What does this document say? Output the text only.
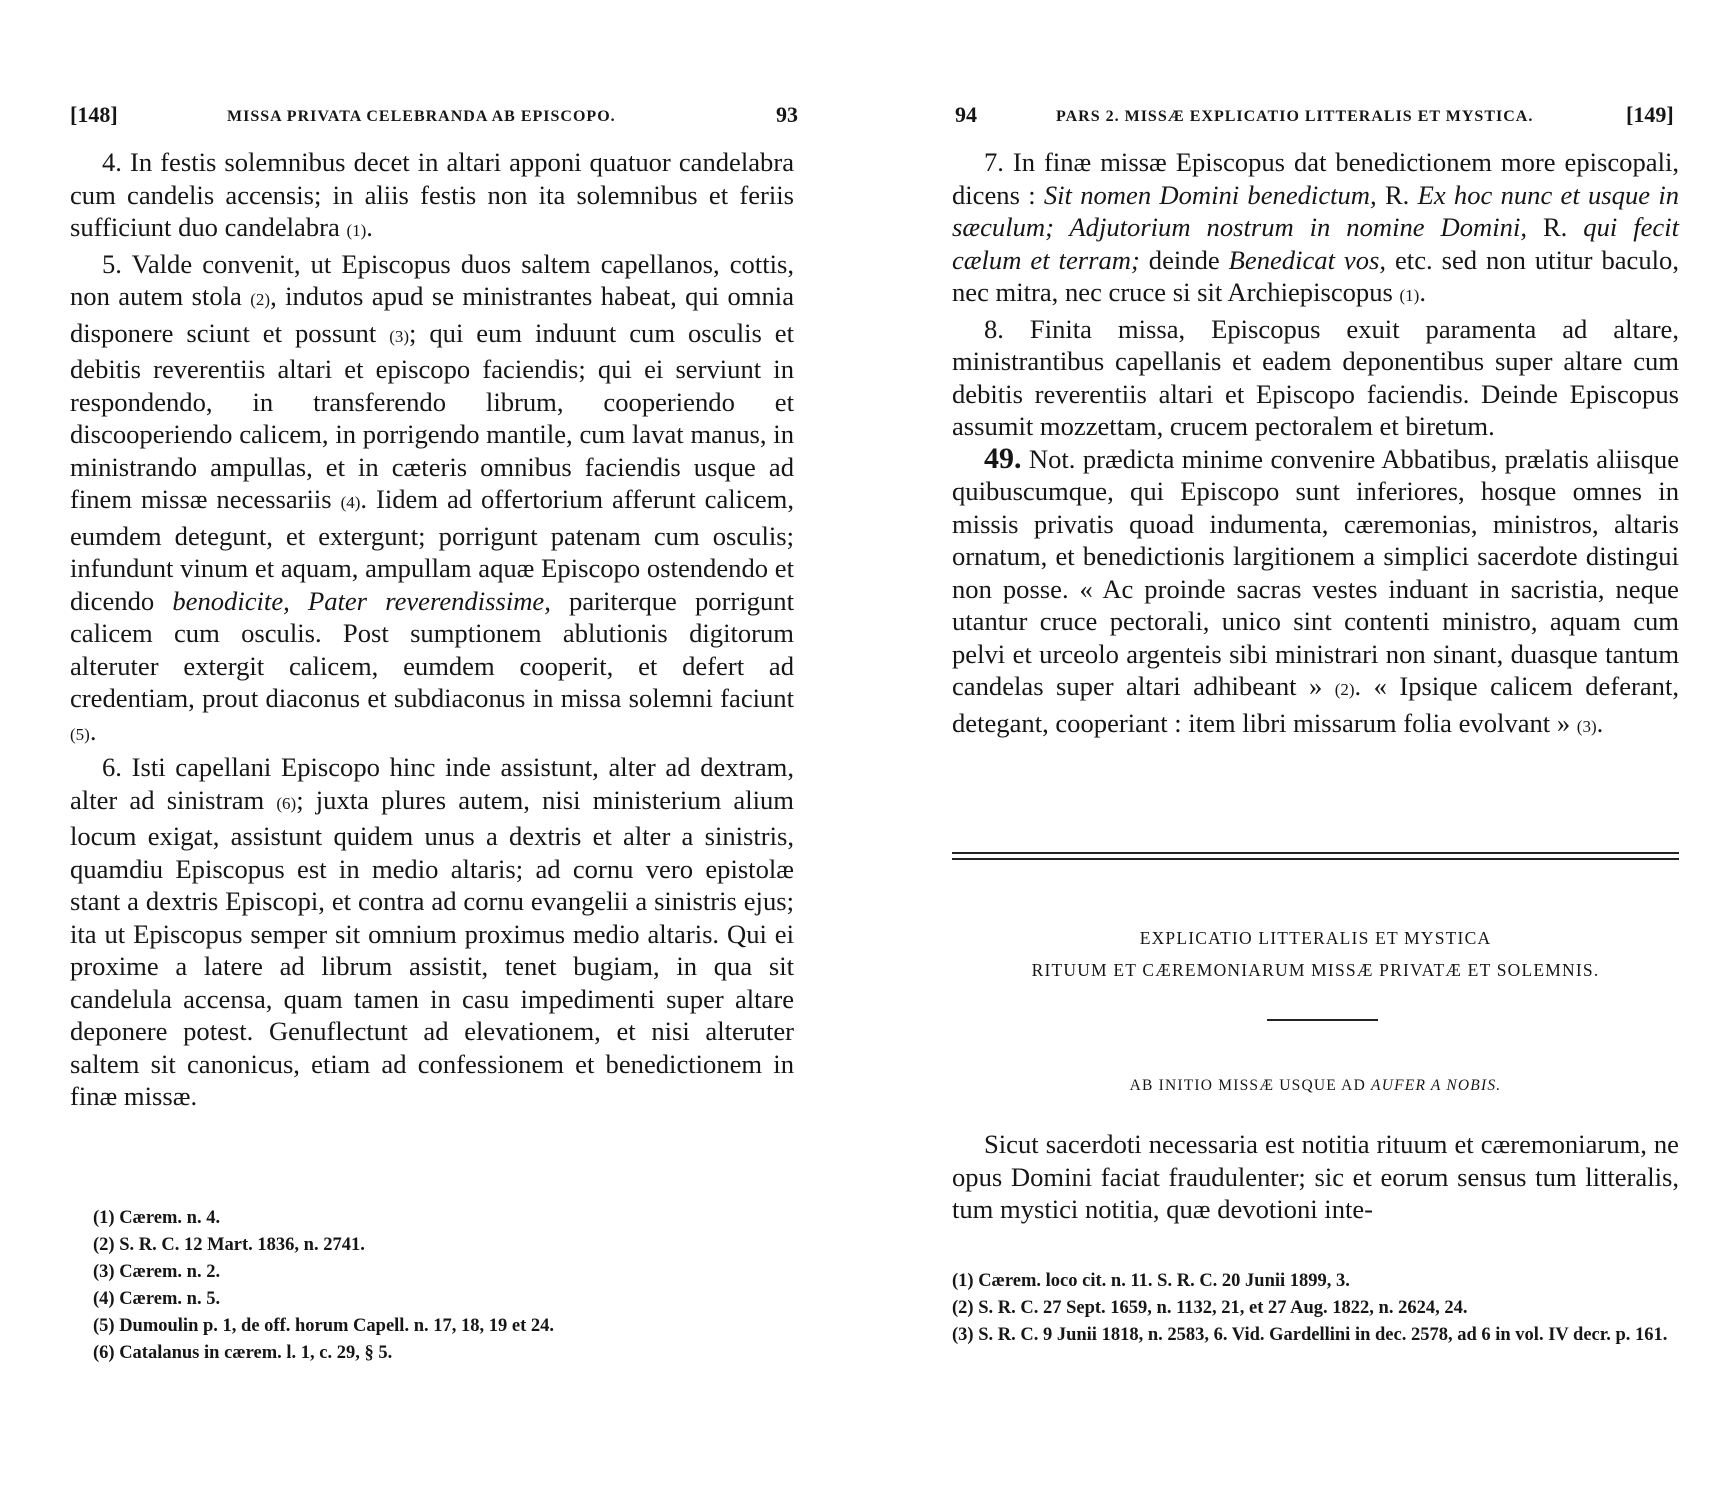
[148]	MISSA PRIVATA CELEBRANDA AB EPISCOPO.	93

4. In festis solemnibus decet in altari apponi quatuor candelabra cum candelis accensis; in aliis festis non ita solemnibus et feriis sufficiunt duo candelabra (1).

5. Valde convenit, ut Episcopus duos saltem capellanos, cottis, non autem stola (2), indutos apud se ministrantes habeat, qui omnia disponere sciunt et possunt (3); qui eum induunt cum osculis et debitis reverentiis altari et episcopo faciendis; qui ei serviunt in respondendo, in transferendo librum, cooperiendo et discooperiendo calicem, in porrigendo mantile, cum lavat manus, in ministrando ampullas, et in cæteris omnibus faciendis usque ad finem missæ necessariis (4). Iidem ad offertorium afferunt calicem, eumdem detegunt, et extergunt; porrigunt patenam cum osculis; infundunt vinum et aquam, ampullam aquæ Episcopo ostendendo et dicendo benodicite, Pater reverendissime, pariterque porrigunt calicem cum osculis. Post sumptionem ablutionis digitorum alteruter extergit calicem, eumdem cooperit, et defert ad credentiam, prout diaconus et subdiaconus in missa solemni faciunt (5).

6. Isti capellani Episcopo hinc inde assistunt, alter ad dextram, alter ad sinistram (6); juxta plures autem, nisi ministerium alium locum exigat, assistunt quidem unus a dextris et alter a sinistris, quamdiu Episcopus est in medio altaris; ad cornu vero epistolæ stant a dextris Episcopi, et contra ad cornu evangelii a sinistris ejus; ita ut Episcopus semper sit omnium proximus medio altaris. Qui ei proxime a latere ad librum assistit, tenet bugiam, in qua sit candelula accensa, quam tamen in casu impedimenti super altare deponere potest. Genuflectunt ad elevationem, et nisi alteruter saltem sit canonicus, etiam ad confessionem et benedictionem in finæ missæ.

(1) Cærem. n. 4.
(2) S. R. C. 12 Mart. 1836, n. 2741.
(3) Cærem. n. 2.
(4) Cærem. n. 5.
(5) Dumoulin p. 1, de off. horum Capell. n. 17, 18, 19 et 24.
(6) Catalanus in cærem. l. 1, c. 29, § 5.
94	PARS 2. MISSÆ EXPLICATIO LITTERALIS ET MYSTICA.	[149]

7. In finæ missæ Episcopus dat benedictionem more episcopali, dicens : Sit nomen Domini benedictum, R. Ex hoc nunc et usque in sæculum; Adjutorium nostrum in nomine Domini, R. qui fecit cælum et terram; deinde Benedicat vos, etc. sed non utitur baculo, nec mitra, nec cruce si sit Archiepiscopus (1).

8. Finita missa, Episcopus exuit paramenta ad altare, ministrantibus capellanis et eadem deponentibus super altare cum debitis reverentiis altari et Episcopo faciendis. Deinde Episcopus assumit mozzettam, crucem pectoralem et biretum.

49. Not. prædicta minime convenire Abbatibus, prælatis aliisque quibuscumque, qui Episcopo sunt inferiores, hosque omnes in missis privatis quoad indumenta, cæremonias, ministros, altaris ornatum, et benedictionis largitionem a simplici sacerdote distingui non posse. « Ac proinde sacras vestes induant in sacristia, neque utantur cruce pectorali, unico sint contenti ministro, aquam cum pelvi et urceolo argenteis sibi ministrari non sinant, duasque tantum candelas super altari adhibeant » (2). « Ipsique calicem deferant, detegant, cooperiant : item libri missarum folia evolvant » (3).

EXPLICATIO LITTERALIS ET MYSTICA
RITUUM ET CÆREMONIARUM MISSÆ PRIVATÆ ET SOLEMNIS.
AB INITIO MISSÆ USQUE AD AUFER A NOBIS.

Sicut sacerdoti necessaria est notitia rituum et cæremoniarum, ne opus Domini faciat fraudulenter; sic et eorum sensus tum litteralis, tum mystici notitia, quæ devotioni inte-

(1) Cærem. loco cit. n. 11. S. R. C. 20 Junii 1899, 3.
(2) S. R. C. 27 Sept. 1659, n. 1132, 21, et 27 Aug. 1822, n. 2624, 24.
(3) S. R. C. 9 Junii 1818, n. 2583, 6. Vid. Gardellini in dec. 2578, ad 6 in vol. IV decr. p. 161.
